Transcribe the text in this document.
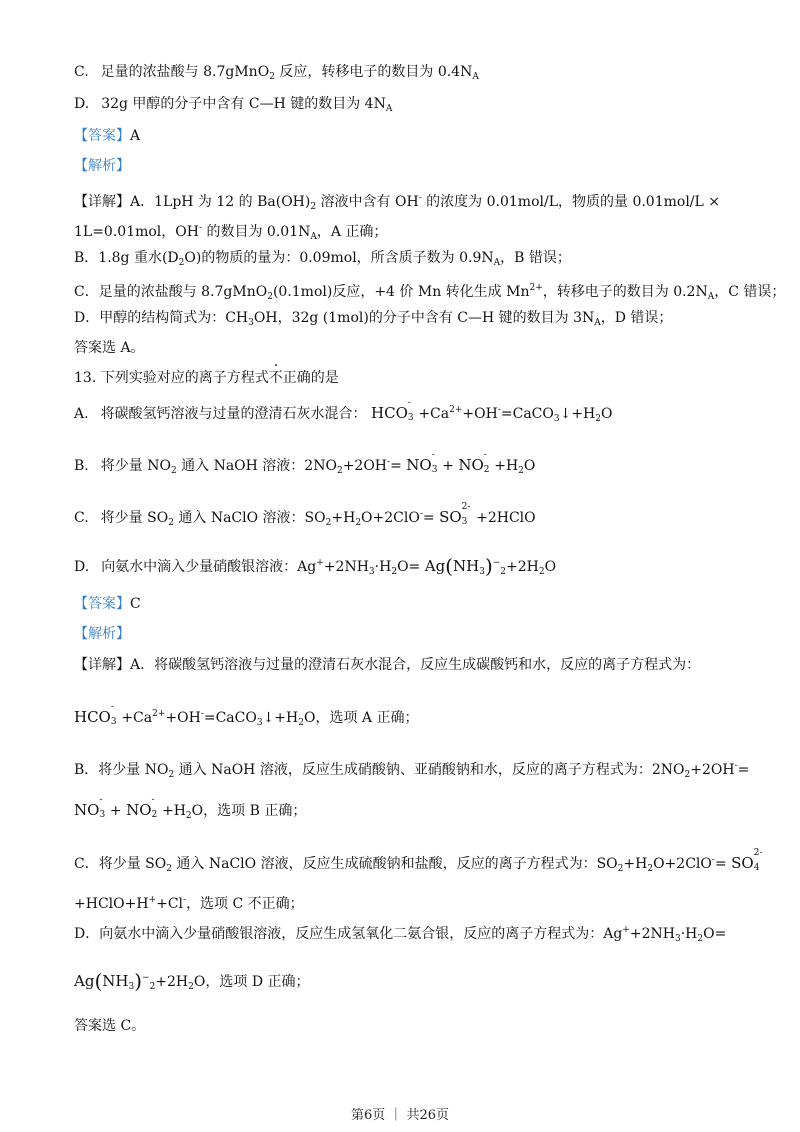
C. 足量的浓盐酸与 8.7gMnO$_2$ 反应，转移电子的数目为 $0.4N_A$
D. 32g 甲醇的分子中含有 C—H 键的数目为 $4N_A$
【答案】A
【解析】
【详解】A．1LpH 为 12 的 $Ba(OH)_2$ 溶液中含有 OH- 的浓度为 0.01mol/L，物质的量 0.01mol/L ×
1L=0.01mol，OH- 的数目为 $0.01N_A$，A 正确；
B．1.8g 重水$(D_2O)$的物质的量为：0.09mol，所含质子数为 $0.9N_A$，B 错误；
C．足量的浓盐酸与 8.7gMnO$_2$(0.1mol)反应，+4 价 Mn 转化生成 $Mn^{2+}$，转移电子的数目为 $0.2N_A$，C 错误；
D．甲醇的结构简式为：$CH_3OH$，32g (1mol)的分子中含有 C—H 键的数目为 $3N_A$，D 错误；
答案选 A。
13. 下列实验对应的离子方程式不正确的是
A. 将碳酸氢钙溶液与过量的澄清石灰水混合： HCO
-
$3 +Ca^{2+}+OH^-=CaCO_3↓+H_2O$
B. 将少量 $NO_2$ 通入 NaOH 溶液：$2NO_2+2OH^-=$ NO
-
3 + NO
-
$2 +H_2O$
C. 将少量 $SO_2$ 通入 NaClO 溶液：$SO_2+H_2O+2ClO^-=$ SO
2-
3 +2HClO
D. 向氨水中滴入少量硝酸银溶液：$Ag^++2NH_3\cdot H_2O= Ag(NH_3)^-_2+2H_2O$
【答案】C
【解析】
【详解】A．将碳酸氢钙溶液与过量的澄清石灰水混合，反应生成碳酸钙和水，反应的离子方程式为：
HCO
-
$3 +Ca^{2+}+OH^-=CaCO_3↓+H_2O$，选项 A 正确；
B．将少量 $NO_2$ 通入 NaOH 溶液，反应生成硝酸钠、亚硝酸钠和水，反应的离子方程式为：$2NO_2+2OH^-=$
NO
-
3 + NO
-
$2 +H_2O$，选项 B 正确；
C．将少量 $SO_2$ 通入 NaClO 溶液，反应生成硫酸钠和盐酸，反应的离子方程式为：$SO_2+H_2O+2ClO^-=$ SO
2-
4
+HClO+H++Cl-，选项 C 不正确；
D．向氨水中滴入少量硝酸银溶液，反应生成氢氧化二氨合银，反应的离子方程式为：$Ag^++2NH_3\cdot H_2O=$
$Ag(NH_3)^-_2+2H_2O$，选项 D 正确；
答案选 C。
第6页 ｜ 共26页
